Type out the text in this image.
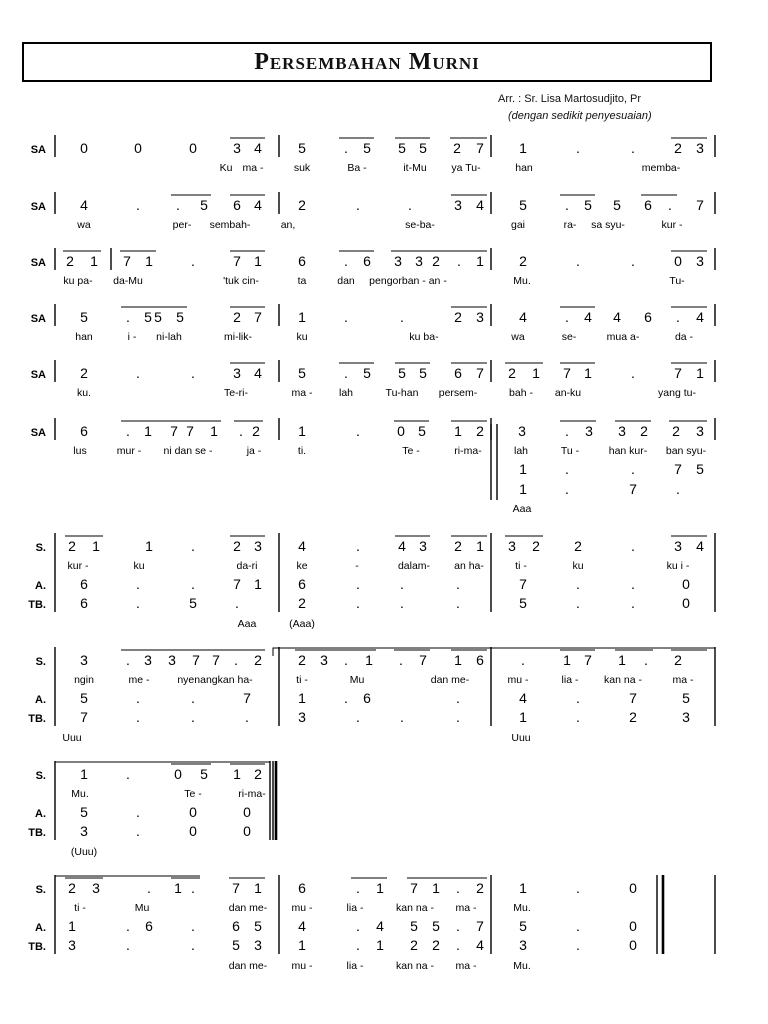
Persembahan Murni
Arr. : Sr. Lisa Martosudjito, Pr
(dengan sedikit penyesuaian)
SA 0	0	0	3 4	5	. 5 5 5 2 7	1	.	.	2 3
Ku ma -	suk	Ba -	it-Mu ya Tu-	han	memba-
SA 4	.	. 5 6 4	2	.	.	3 4	5	. 5 5 6 . 7
wa	per- sembah-	an,	se-ba-	gai	ra- sa syu-	kur -
SA 2 1 7 1	.	7 1	6	. 6 3 3 2 . 1	2	.	.	0 3
ku pa- da-Mu	'tuk cin-	ta	dan pengorban - an -	Mu.	Tu-
SA 5	. 5 5 5	2 7	1	.	.	2 3	4	. 4 4 6 . 4
han	i - ni-lah	mi-lik-	ku	ku ba-	wa	se-	mua a-	da -
SA 2	.	.	3 4	5	. 5 5 5 6 7 2 1 7 1	.	7 1
ku.	Te-ri-	ma -	lah	Tu-han persem-	bah - an-ku	yang tu-
SA 6	. 1 7 7 1 . 2	1	.	0 5 1 2 3	. 3 3 2 2 3
lus	mur - ni dan se -	ja -	ti.	Te -	ri-ma-	lah	Tu -	han kur- ban syu-
1	.	.	7 5
1	.	7	.
Aaa
S. 2 1	1	.	2 3	4	.	4 3 2 1 3 2 2	.	3 4
kur -	ku	da-ri	ke	-	dalam- an ha-	ti -	ku	ku i -
A. 6	.	.	7 1	6	.	.	.	7	.	.	0
TB. 6	.	5	.	2	.	.	.	5	.	.	0
Aaa	(Aaa)
S. 3	. 3 3 7 7 . 2	2 3 . 1 . 7 1 6	.	1 7 1 . 2
ngin	me -	nyenangkan ha-	ti -	Mu	dan me-	mu -	lia - kan na -	ma -
A. 5	.	.	7	1	. 6	.	4	.	7	5
TB. 7	.	.	.	3	.	.	.	1	.	2	3
Uuu	Uuu
S. 1	.	0 5 1 2
Mu.	Te -	ri-ma-
A. 5	.	0	0
TB. 3	.	0	0
(Uuu)
S. 2 3	. 1 .	7 1	6	. 1 7 1 . 2	1	.	0
ti -	Mu	dan me- mu -	lia -	kan na - ma -	Mu.
A. 1	. 6	.	6 5	4	. 4 5 5 . 7	5	.	0
TB. 3	.	.	5 3	1	. 1 2 2 . 4	3	.	0
dan me- mu -	lia -	kan na - ma -	Mu.
